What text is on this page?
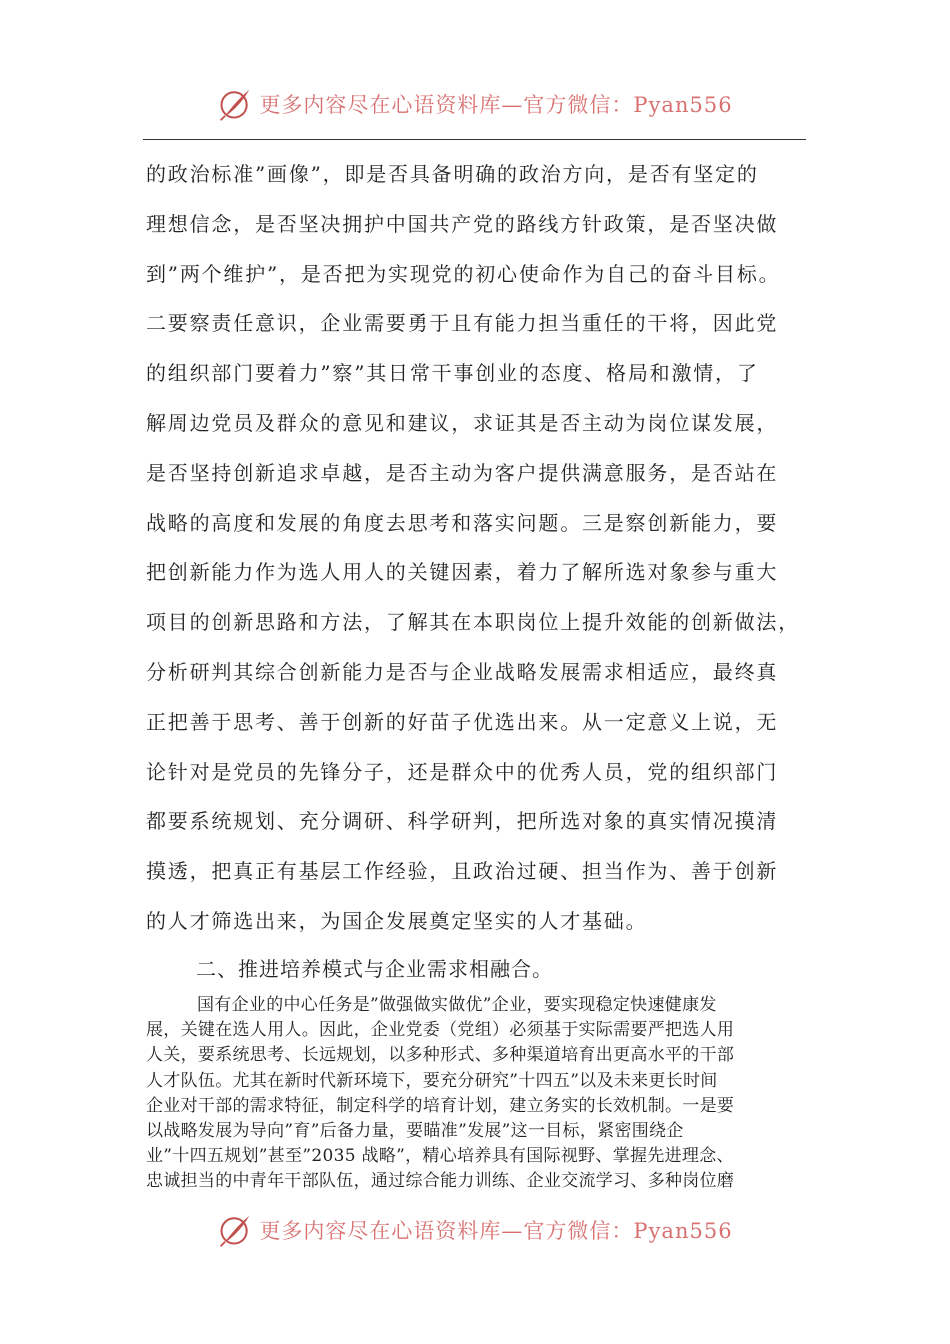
更多内容尽在心语资料库—官方微信：Pyan556
的政治标准”画像”，即是否具备明确的政治方向，是否有坚定的
理想信念，是否坚决拥护中国共产党的路线方针政策，是否坚决做
到”两个维护”，是否把为实现党的初心使命作为自己的奋斗目标。
二要察责任意识，企业需要勇于且有能力担当重任的干将，因此党
的组织部门要着力”察”其日常干事创业的态度、格局和激情，了
解周边党员及群众的意见和建议，求证其是否主动为岗位谋发展，
是否坚持创新追求卓越，是否主动为客户提供满意服务，是否站在
战略的高度和发展的角度去思考和落实问题。三是察创新能力，要
把创新能力作为选人用人的关键因素，着力了解所选对象参与重大
项目的创新思路和方法，了解其在本职岗位上提升效能的创新做法，
分析研判其综合创新能力是否与企业战略发展需求相适应，最终真
正把善于思考、善于创新的好苗子优选出来。从一定意义上说，无
论针对是党员的先锋分子，还是群众中的优秀人员，党的组织部门
都要系统规划、充分调研、科学研判，把所选对象的真实情况摸清
摸透，把真正有基层工作经验，且政治过硬、担当作为、善于创新
的人才筛选出来，为国企发展奠定坚实的人才基础。
二、推进培养模式与企业需求相融合。
国有企业的中心任务是”做强做实做优”企业，要实现稳定快速健康发
展，关键在选人用人。因此，企业党委（党组）必须基于实际需要严把选人用
人关，要系统思考、长远规划，以多种形式、多种渠道培育出更高水平的干部
人才队伍。尤其在新时代新环境下，要充分研究”十四五”以及未来更长时间
企业对干部的需求特征，制定科学的培育计划，建立务实的长效机制。一是要
以战略发展为导向”育”后备力量，要瞄准”发展”这一目标，紧密围绕企
业”十四五规划”甚至”2035 战略”，精心培养具有国际视野、掌握先进理念、
忠诚担当的中青年干部队伍，通过综合能力训练、企业交流学习、多种岗位磨
更多内容尽在心语资料库—官方微信：Pyan556
